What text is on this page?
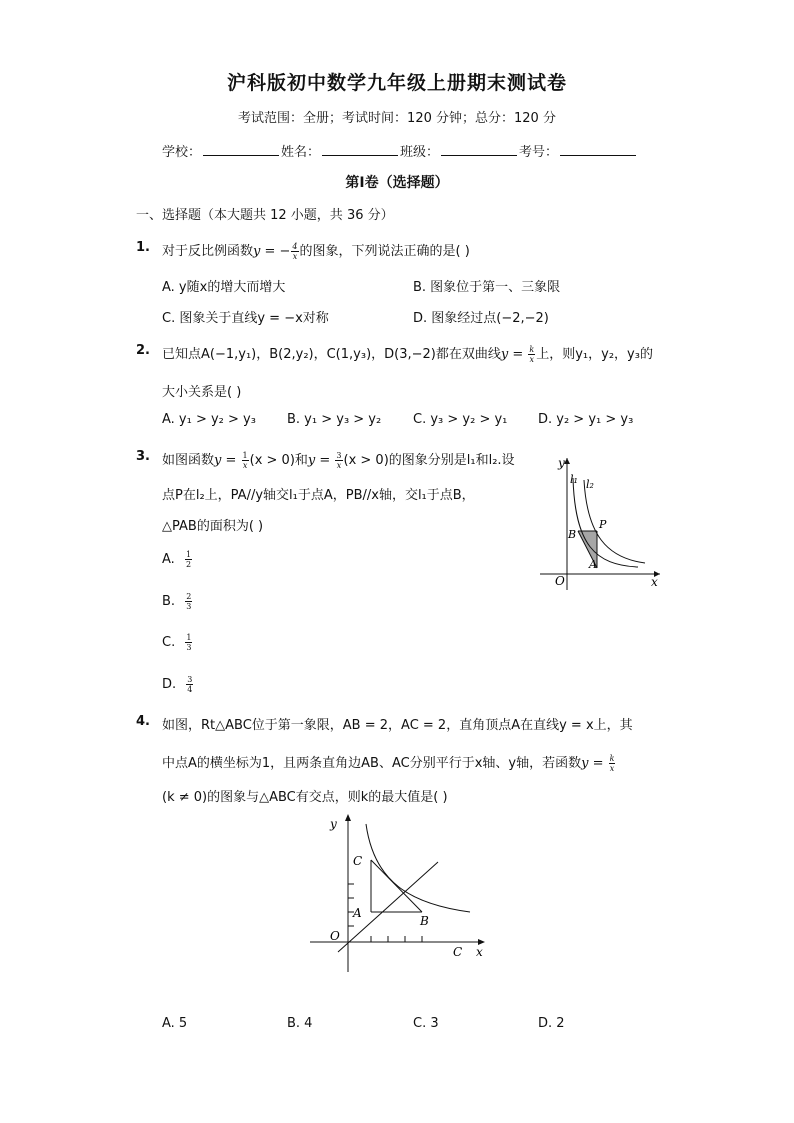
沪科版初中数学九年级上册期末测试卷
考试范围：全册；考试时间：120 分钟；总分：120 分
学校：	姓名：	班级：	考号：
第I卷（选择题）
一、选择题（本大题共 12 小题，共 36 分）
1. 对于反比例函数y = − $\frac{4}{x}$ 的图象，下列说法正确的是( )
A. y随x的增大而增大	B. 图象位于第一、三象限
C. 图象关于直线y = −x对称	D. 图象经过点(−2,−2)
2. 已知点A(−1,y₁)，B(2,y₂)，C(1,y₃)，D(3,−2)都在双曲线$y = \frac{k}{x}$ 上，则y₁，y₂，y₃的
大小关系是( )
A. y₁ > y₂ > y₃ B. y₁ > y₃ > y₂ C. y₃ > y₂ > y₁ D. y₂ > y₁ > y₃
3. 如图函数$y = \frac{1}{x} (x > 0)$和$y = \frac{3}{x} (x > 0)$的图象分别是l₁和l₂.设
点P在l₂上，PA//y轴交l₁于点A，PB//x轴，交l₁于点B，
△PAB的面积为( )
A. $\frac{1}{2}$
B. $\frac{2}{3}$
C. $\frac{1}{3}$
D. $\frac{3}{4}$
y
x
O
l₁ l₂
B
P
A
4. 如图，Rt△ABC位于第一象限，AB = 2，AC = 2，直角顶点A在直线y = x上，其
中点A的横坐标为1，且两条直角边AB、AC分别平行于x轴、y轴，若函数$y = \frac{k}{x}$
(k ≠ 0)的图象与△ABC有交点，则k的最大值是( )
y
x
O
C
A
B
C
A. 5	B. 4	C. 3	D. 2
